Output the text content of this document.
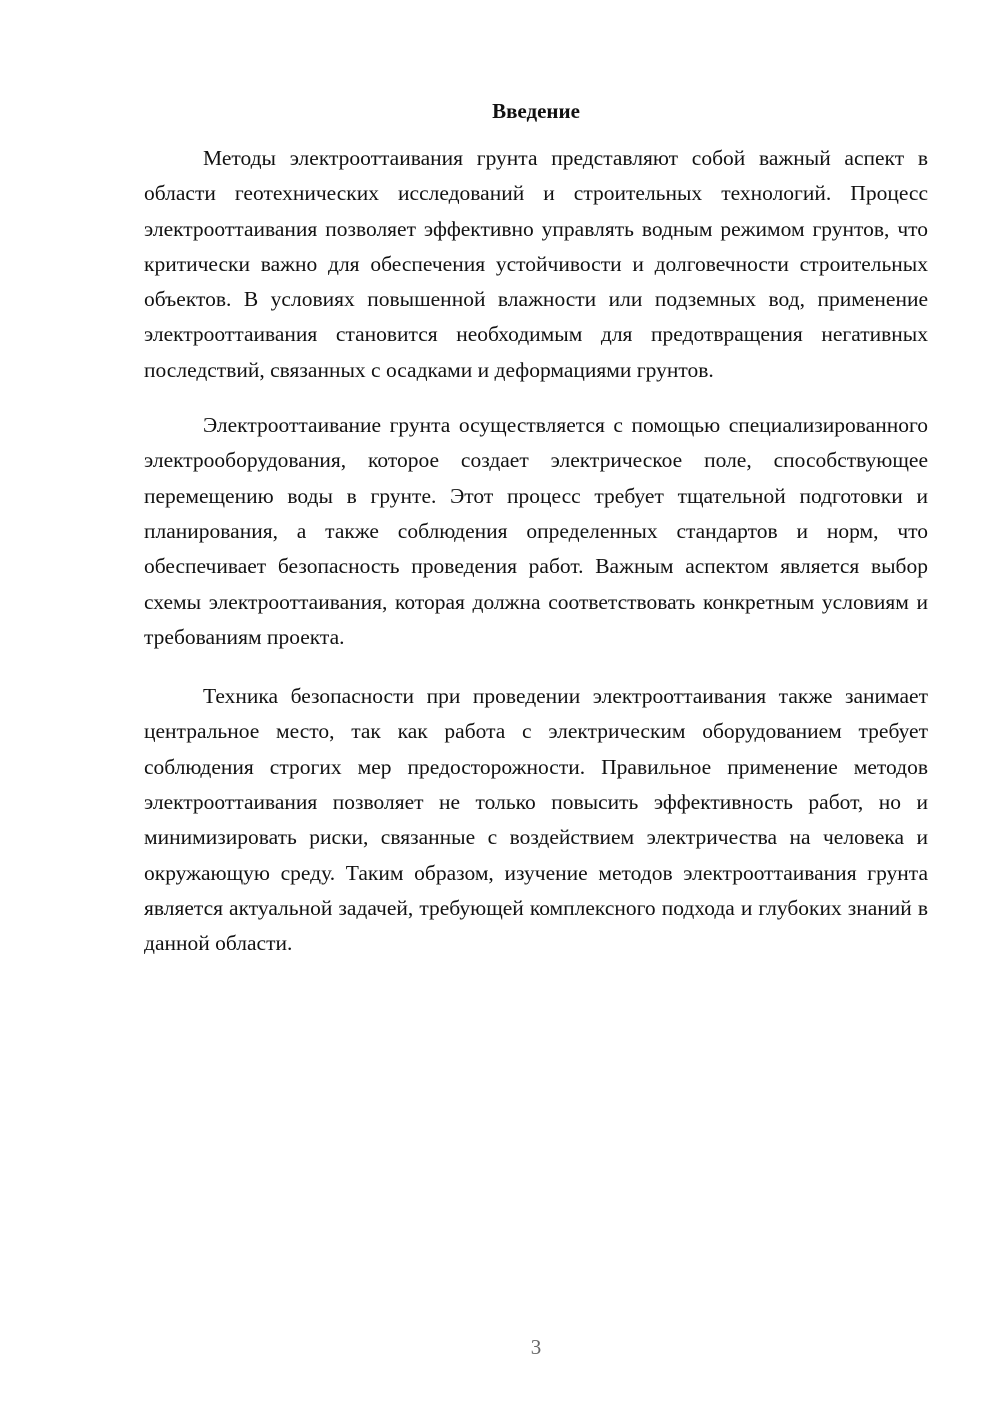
Введение

Методы электрооттаивания грунта представляют собой важный аспект в области геотехнических исследований и строительных технологий. Процесс электрооттаивания позволяет эффективно управлять водным режимом грунтов, что критически важно для обеспечения устойчивости и долговечности строительных объектов. В условиях повышенной влажности или подземных вод, применение электрооттаивания становится необходимым для предотвращения негативных последствий, связанных с осадками и деформациями грунтов.

Электрооттаивание грунта осуществляется с помощью специализированного электрооборудования, которое создает электрическое поле, способствующее перемещению воды в грунте. Этот процесс требует тщательной подготовки и планирования, а также соблюдения определенных стандартов и норм, что обеспечивает безопасность проведения работ. Важным аспектом является выбор схемы электрооттаивания, которая должна соответствовать конкретным условиям и требованиям проекта.

Техника безопасности при проведении электрооттаивания также занимает центральное место, так как работа с электрическим оборудованием требует соблюдения строгих мер предосторожности. Правильное применение методов электрооттаивания позволяет не только повысить эффективность работ, но и минимизировать риски, связанные с воздействием электричества на человека и окружающую среду. Таким образом, изучение методов электрооттаивания грунта является актуальной задачей, требующей комплексного подхода и глубоких знаний в данной области.

3
